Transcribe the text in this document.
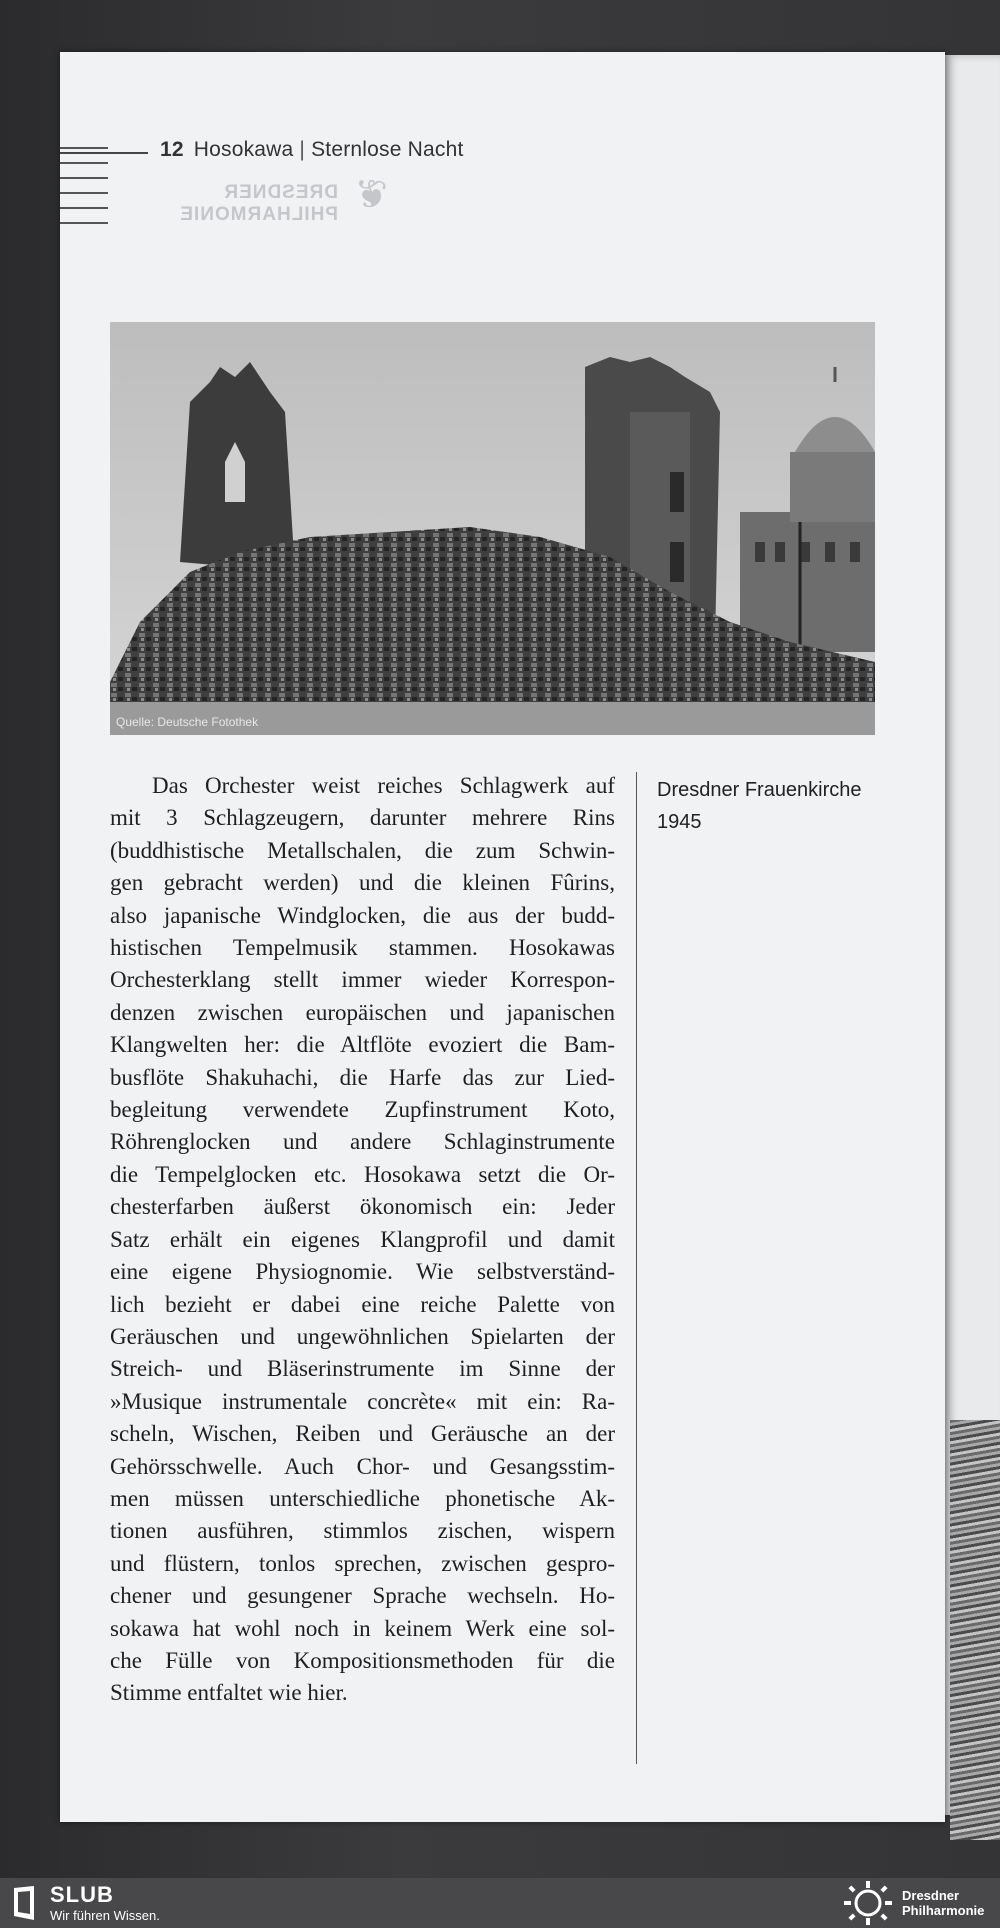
12 Hosokawa | Sternlose Nacht
❦
DRESDNER
PHILHARMONIE
Quelle: Deutsche Fotothek
Das Orchester weist reiches Schlagwerk auf
mit 3 Schlagzeugern, darunter mehrere Rins
(buddhistische Metallschalen, die zum Schwin-
gen gebracht werden) und die kleinen Fûrins,
also japanische Windglocken, die aus der budd-
histischen Tempelmusik stammen. Hosokawas
Orchesterklang stellt immer wieder Korrespon-
denzen zwischen europäischen und japanischen
Klangwelten her: die Altflöte evoziert die Bam-
busflöte Shakuhachi, die Harfe das zur Lied-
begleitung verwendete Zupfinstrument Koto,
Röhrenglocken und andere Schlaginstrumente
die Tempelglocken etc. Hosokawa setzt die Or-
chesterfarben äußerst ökonomisch ein: Jeder
Satz erhält ein eigenes Klangprofil und damit
eine eigene Physiognomie. Wie selbstverständ-
lich bezieht er dabei eine reiche Palette von
Geräuschen und ungewöhnlichen Spielarten der
Streich- und Bläserinstrumente im Sinne der
»Musique instrumentale concrète« mit ein: Ra-
scheln, Wischen, Reiben und Geräusche an der
Gehörsschwelle. Auch Chor- und Gesangsstim-
men müssen unterschiedliche phonetische Ak-
tionen ausführen, stimmlos zischen, wispern
und flüstern, tonlos sprechen, zwischen gespro-
chener und gesungener Sprache wechseln. Ho-
sokawa hat wohl noch in keinem Werk eine sol-
che Fülle von Kompositionsmethoden für die
Stimme entfaltet wie hier.
Dresdner Frauenkirche
1945
SLUB
Wir führen Wissen.
Dresdner
Philharmonie
